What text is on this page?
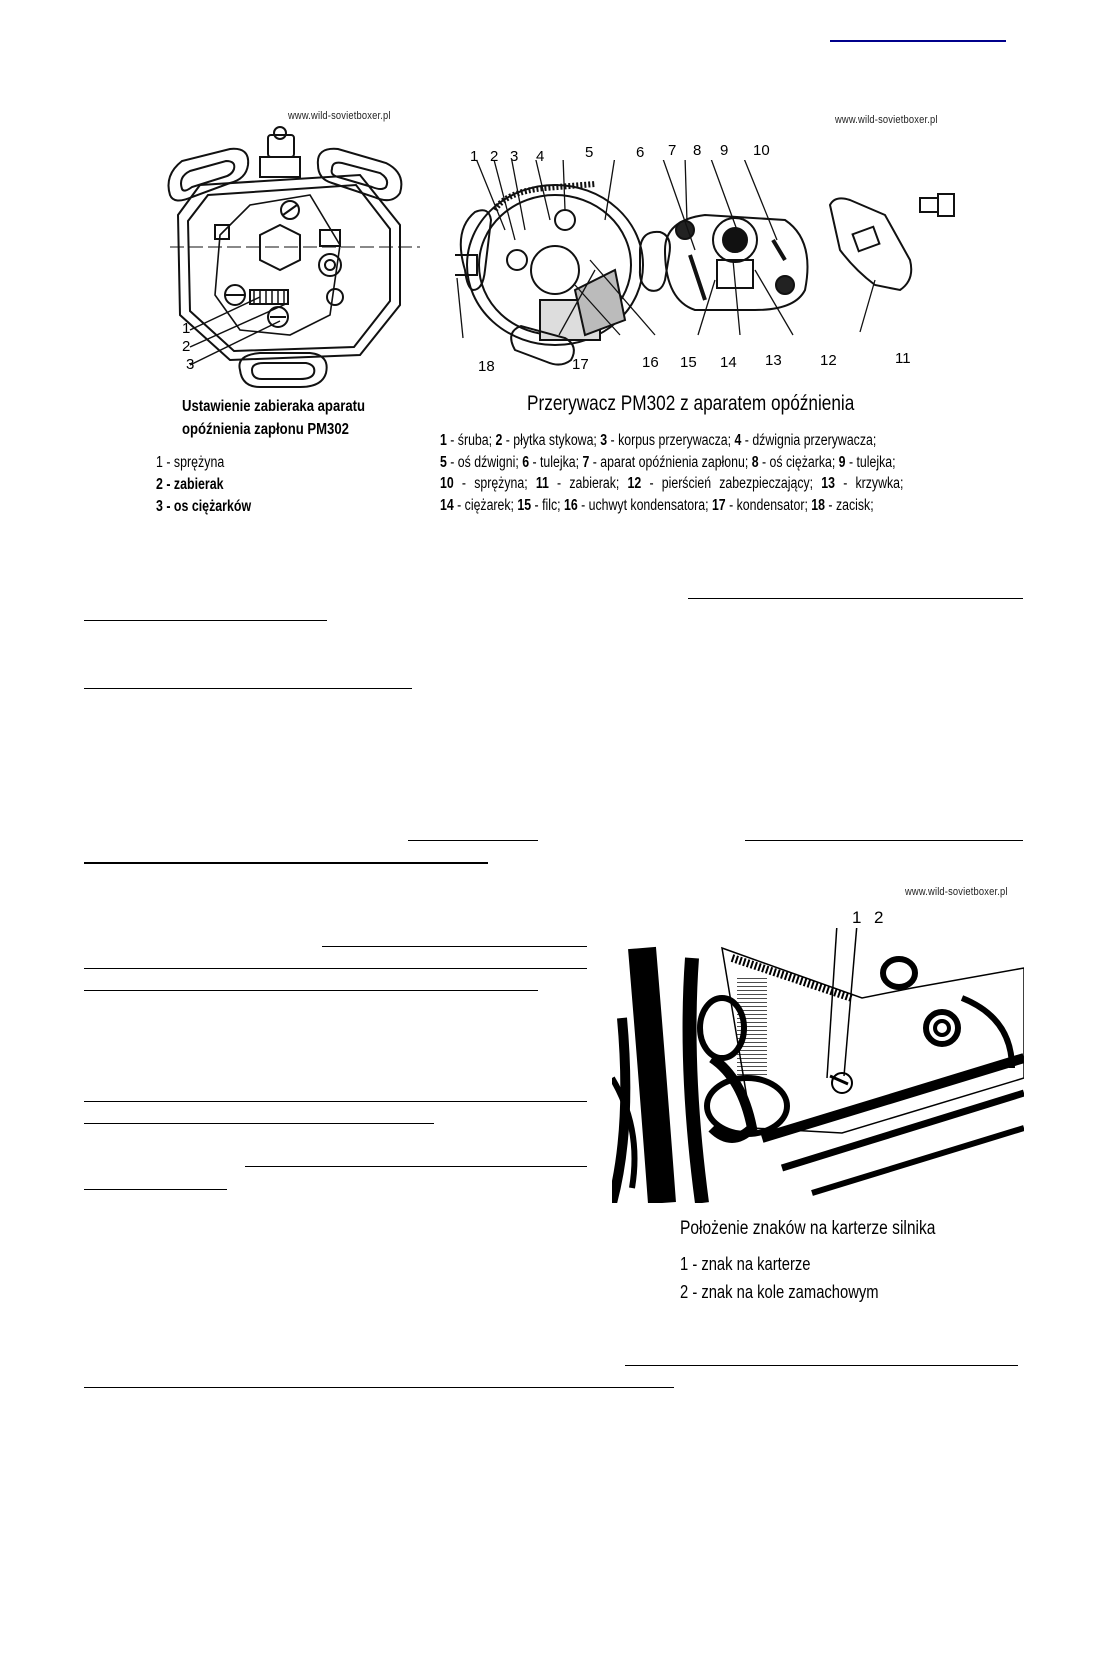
www.wild-sovietboxer.pl
1
2
3
Ustawienie zabieraka aparatu
opóźnienia zapłonu PM302
1 - sprężyna
2 - zabierak
3 - os ciężarków
www.wild-sovietboxer.pl
1 2 3 4	5	6 7 8 9 10
18	17	16 15 14 13	12	11
Przerywacz PM302 z aparatem opóźnienia
1 - śruba; 2 - płytka stykowa; 3 - korpus przerywacza; 4 - dźwignia przerywacza;
5 - oś dźwigni; 6 - tulejka; 7 - aparat opóźnienia zapłonu; 8 - oś ciężarka; 9 - tulejka;
10 - sprężyna; 11 - zabierak; 12 - pierścień zabezpieczający; 13 - krzywka;
14 - ciężarek; 15 - filc; 16 - uchwyt kondensatora; 17 - kondensator; 18 - zacisk;
www.wild-sovietboxer.pl
1 2
Położenie znaków na karterze silnika
1 - znak na karterze
2 - znak na kole zamachowym
